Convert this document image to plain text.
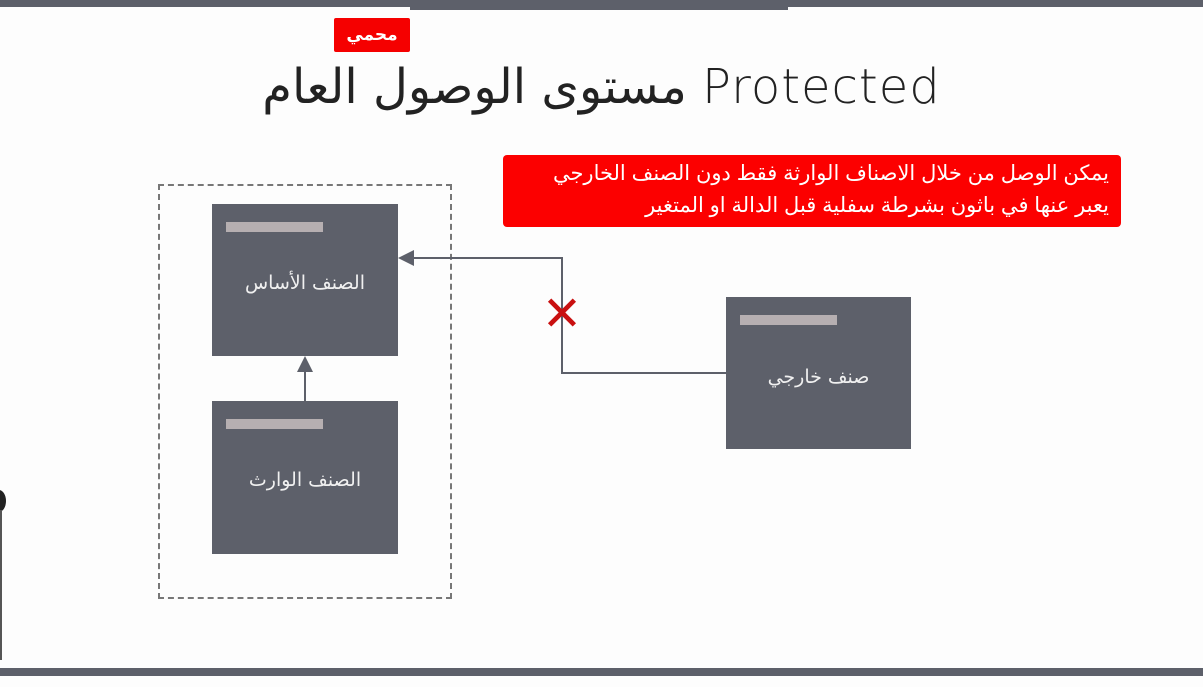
محمي
مستوى الوصول العام Protected
يمكن الوصل من خلال الاصناف الوارثة فقط دون الصنف الخارجي
يعبر عنها في باثون بشرطة سفلية قبل الدالة او المتغير
الصنف الأساس
الصنف الوارث
صنف خارجي
✕
